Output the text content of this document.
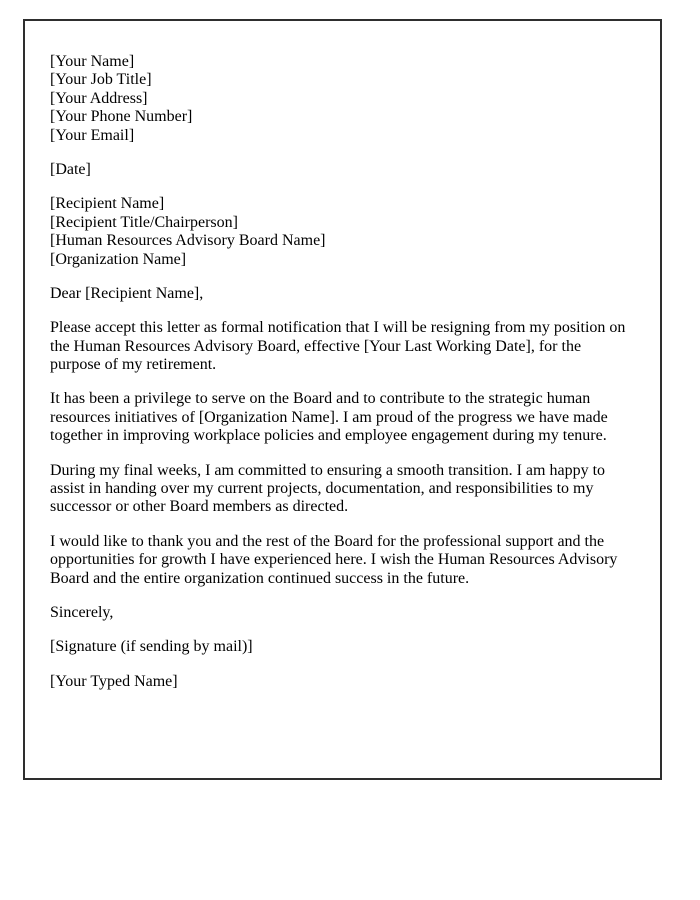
[Your Name]
[Your Job Title]
[Your Address]
[Your Phone Number]
[Your Email]

[Date]

[Recipient Name]
[Recipient Title/Chairperson]
[Human Resources Advisory Board Name]
[Organization Name]

Dear [Recipient Name],

Please accept this letter as formal notification that I will be resigning from my position on the Human Resources Advisory Board, effective [Your Last Working Date], for the purpose of my retirement.

It has been a privilege to serve on the Board and to contribute to the strategic human resources initiatives of [Organization Name]. I am proud of the progress we have made together in improving workplace policies and employee engagement during my tenure.

During my final weeks, I am committed to ensuring a smooth transition. I am happy to assist in handing over my current projects, documentation, and responsibilities to my successor or other Board members as directed.

I would like to thank you and the rest of the Board for the professional support and the opportunities for growth I have experienced here. I wish the Human Resources Advisory Board and the entire organization continued success in the future.

Sincerely,

[Signature (if sending by mail)]

[Your Typed Name]
